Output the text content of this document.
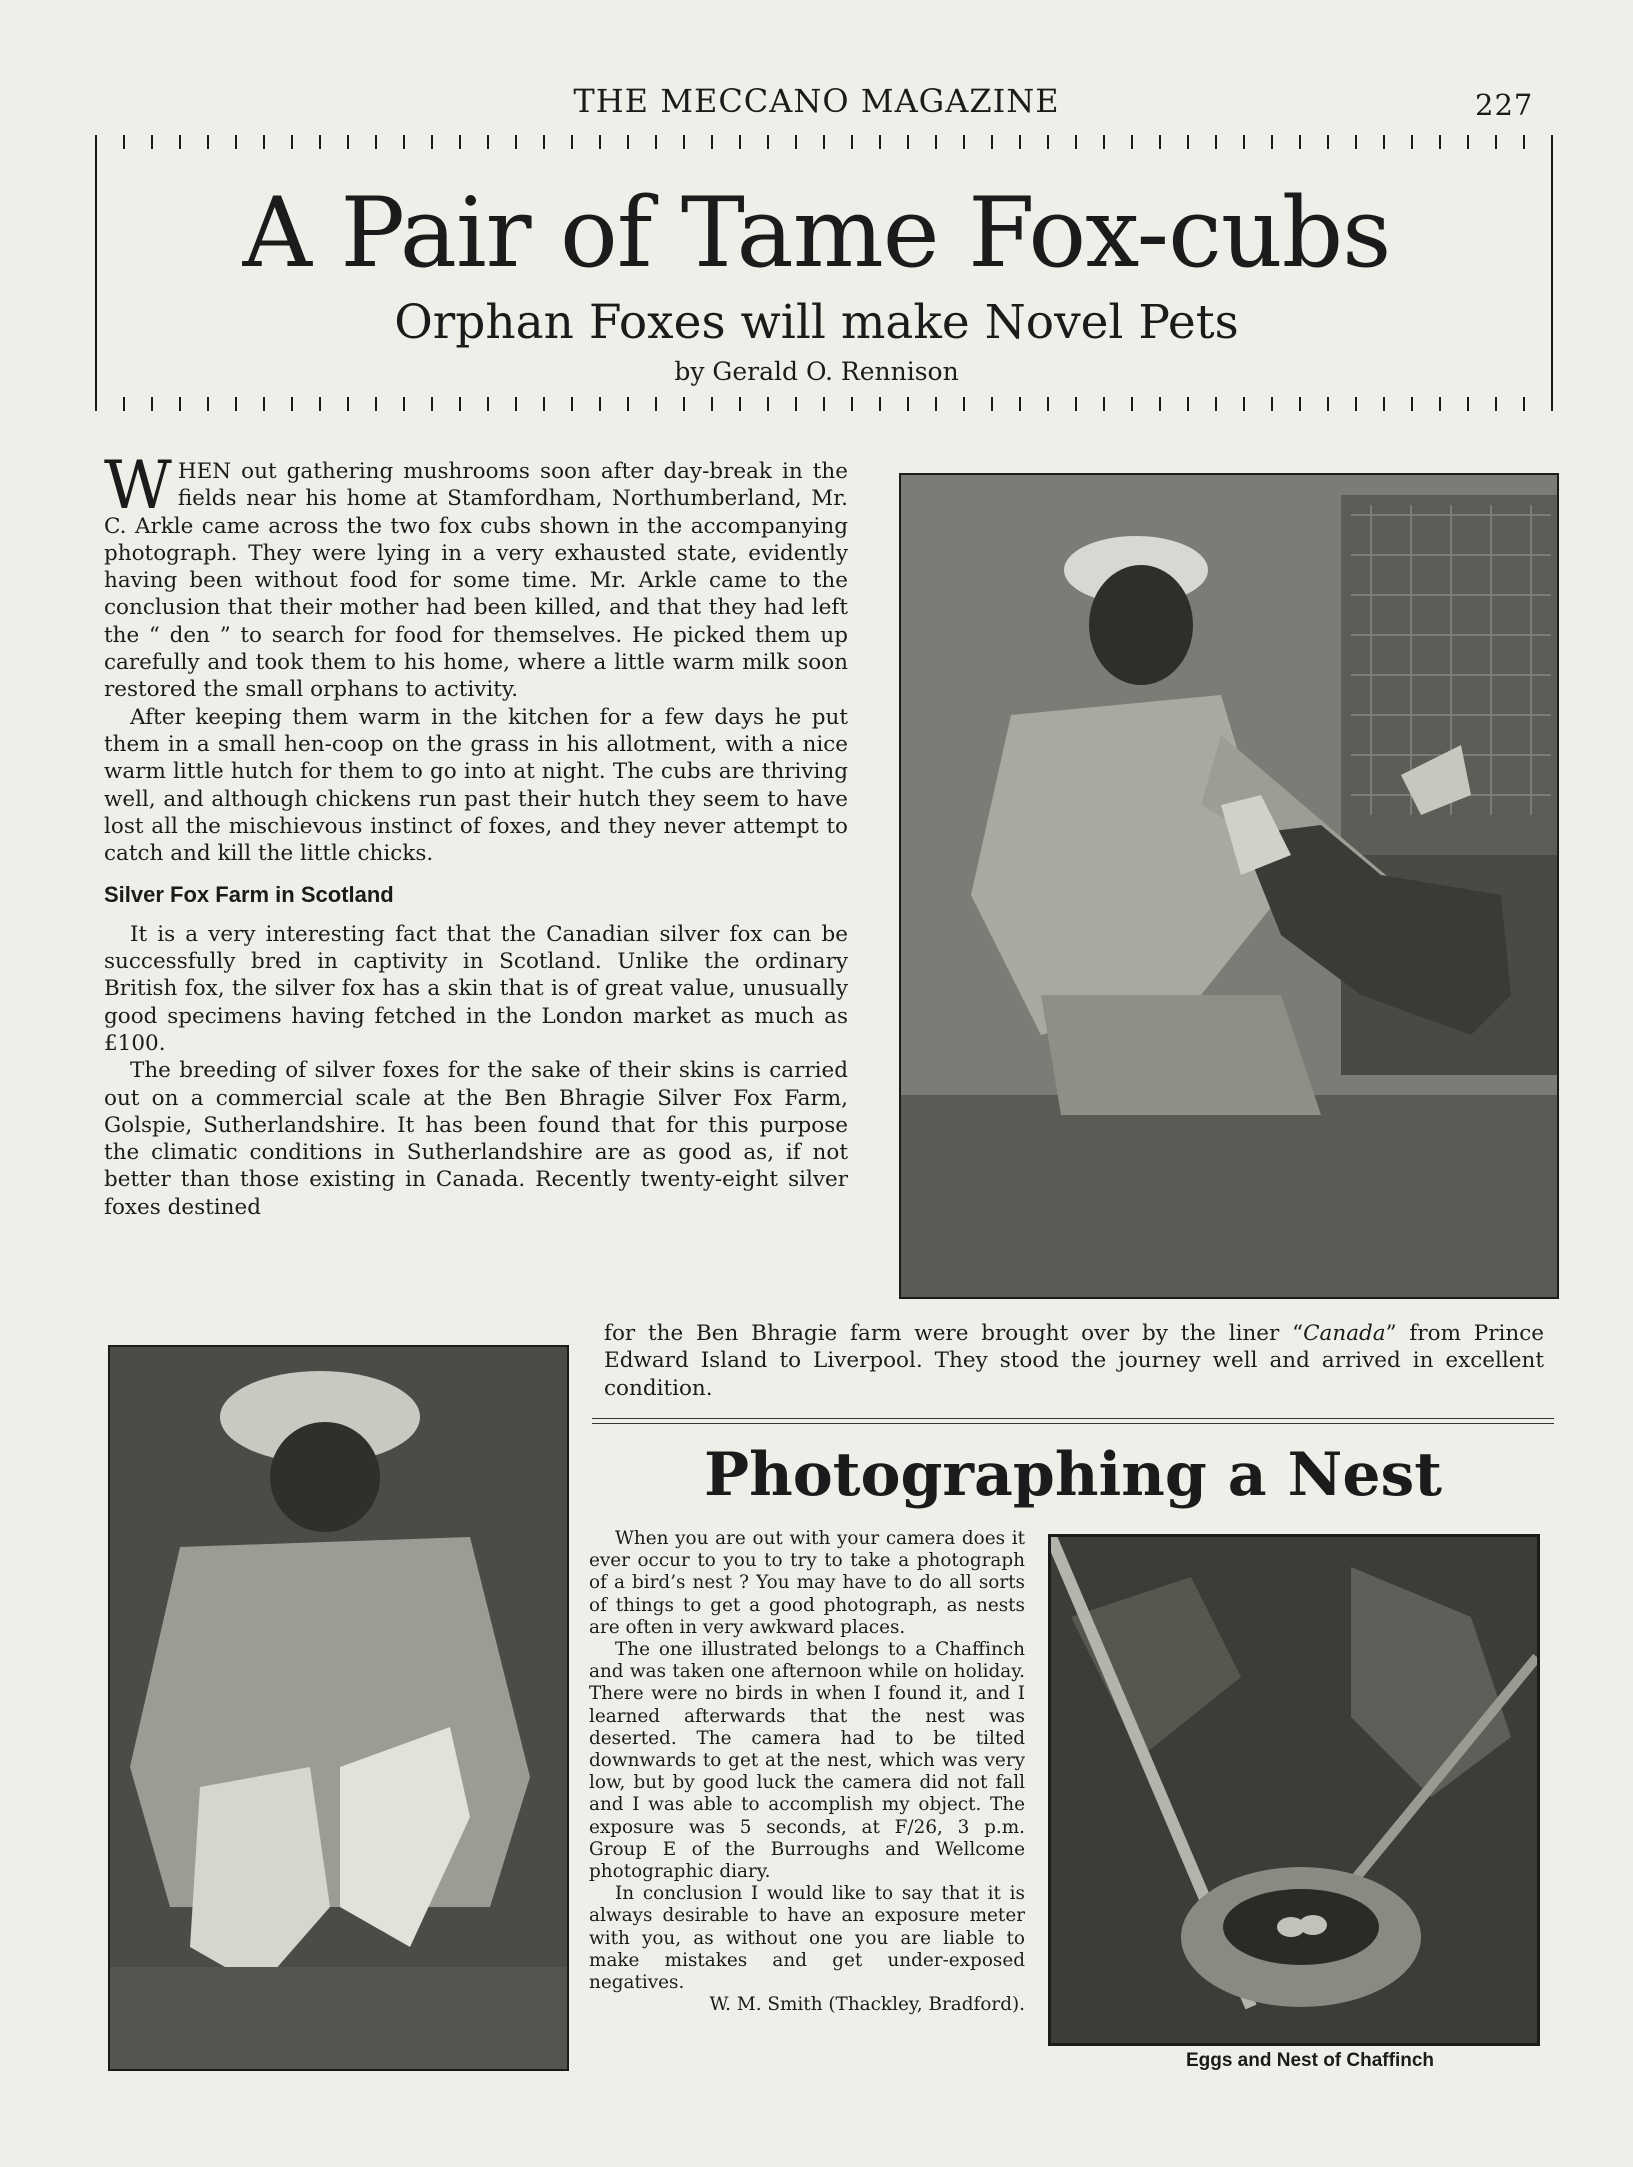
THE MECCANO MAGAZINE	227
A Pair of Tame Fox-cubs
Orphan Foxes will make Novel Pets
by Gerald O. Rennison

WHEN out gathering mushrooms soon after day-break in the fields near his home at Stamfordham, Northumberland, Mr. C. Arkle came across the two fox cubs shown in the accompanying photograph. They were lying in a very exhausted state, evidently having been without food for some time. Mr. Arkle came to the conclusion that their mother had been killed, and that they had left the “ den ” to search for food for themselves. He picked them up carefully and took them to his home, where a little warm milk soon restored the small orphans to activity.

After keeping them warm in the kitchen for a few days he put them in a small hen-coop on the grass in his allotment, with a nice warm little hutch for them to go into at night. The cubs are thriving well, and although chickens run past their hutch they seem to have lost all the mischievous instinct of foxes, and they never attempt to catch and kill the little chicks.

Silver Fox Farm in Scotland

It is a very interesting fact that the Canadian silver fox can be successfully bred in captivity in Scotland. Unlike the ordinary British fox, the silver fox has a skin that is of great value, unusually good specimens having fetched in the London market as much as £100.

The breeding of silver foxes for the sake of their skins is carried out on a commercial scale at the Ben Bhragie Silver Fox Farm, Golspie, Sutherlandshire. It has been found that for this purpose the climatic conditions in Sutherlandshire are as good as, if not better than those existing in Canada. Recently twenty-eight silver foxes destined

for the Ben Bhragie farm were brought over by the liner “Canada” from Prince Edward Island to Liverpool. They stood the journey well and arrived in excellent condition.

Photographing a Nest

When you are out with your camera does it ever occur to you to try to take a photograph of a bird’s nest ? You may have to do all sorts of things to get a good photograph, as nests are often in very awkward places.

The one illustrated belongs to a Chaffinch and was taken one afternoon while on holiday. There were no birds in when I found it, and I learned afterwards that the nest was deserted. The camera had to be tilted downwards to get at the nest, which was very low, but by good luck the camera did not fall and I was able to accomplish my object. The exposure was 5 seconds, at F/26, 3 p.m. Group E of the Burroughs and Wellcome photographic diary.

In conclusion I would like to say that it is always desirable to have an exposure meter with you, as without one you are liable to make mistakes and get under-exposed negatives.

W. M. Smith (Thackley, Bradford).

Eggs and Nest of Chaffinch
